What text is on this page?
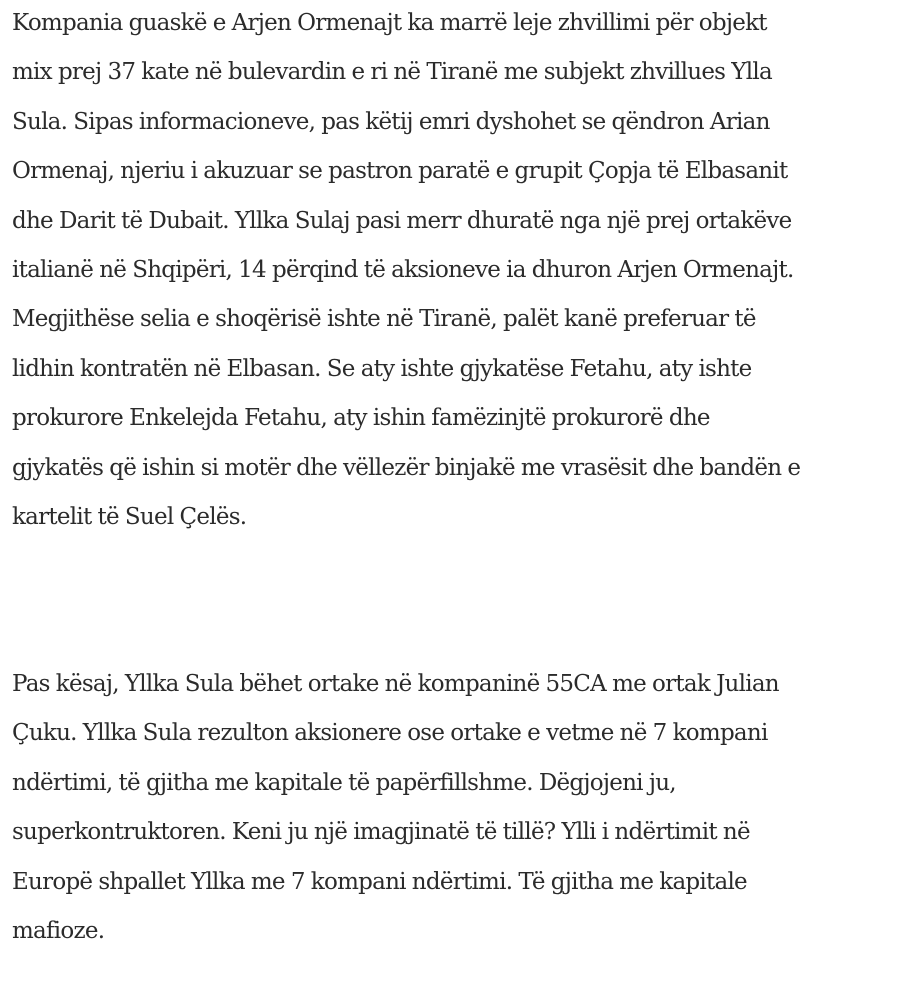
Kompania guaskë e Arjen Ormenajt ka marrë leje zhvillimi për objekt
mix prej 37 kate në bulevardin e ri në Tiranë me subjekt zhvillues Ylla
Sula. Sipas informacioneve, pas këtij emri dyshohet se qëndron Arian
Ormenaj, njeriu i akuzuar se pastron paratë e grupit Çopja të Elbasanit
dhe Darit të Dubait. Yllka Sulaj pasi merr dhuratë nga një prej ortakëve
italianë në Shqipëri, 14 përqind të aksioneve ia dhuron Arjen Ormenajt.
Megjithëse selia e shoqërisë ishte në Tiranë, palët kanë preferuar të
lidhin kontratën në Elbasan. Se aty ishte gjykatëse Fetahu, aty ishte
prokurore Enkelejda Fetahu, aty ishin famëzinjtë prokurorë dhe
gjykatës që ishin si motër dhe vëllezër binjakë me vrasësit dhe bandën e
kartelit të Suel Çelës.

Pas kësaj, Yllka Sula bëhet ortake në kompaninë 55CA me ortak Julian
Çuku. Yllka Sula rezulton aksionere ose ortake e vetme në 7 kompani
ndërtimi, të gjitha me kapitale të papërfillshme. Dëgjojeni ju,
superkontruktoren. Keni ju një imagjinatë të tillë? Ylli i ndërtimit në
Europë shpallet Yllka me 7 kompani ndërtimi. Të gjitha me kapitale
mafioze.
